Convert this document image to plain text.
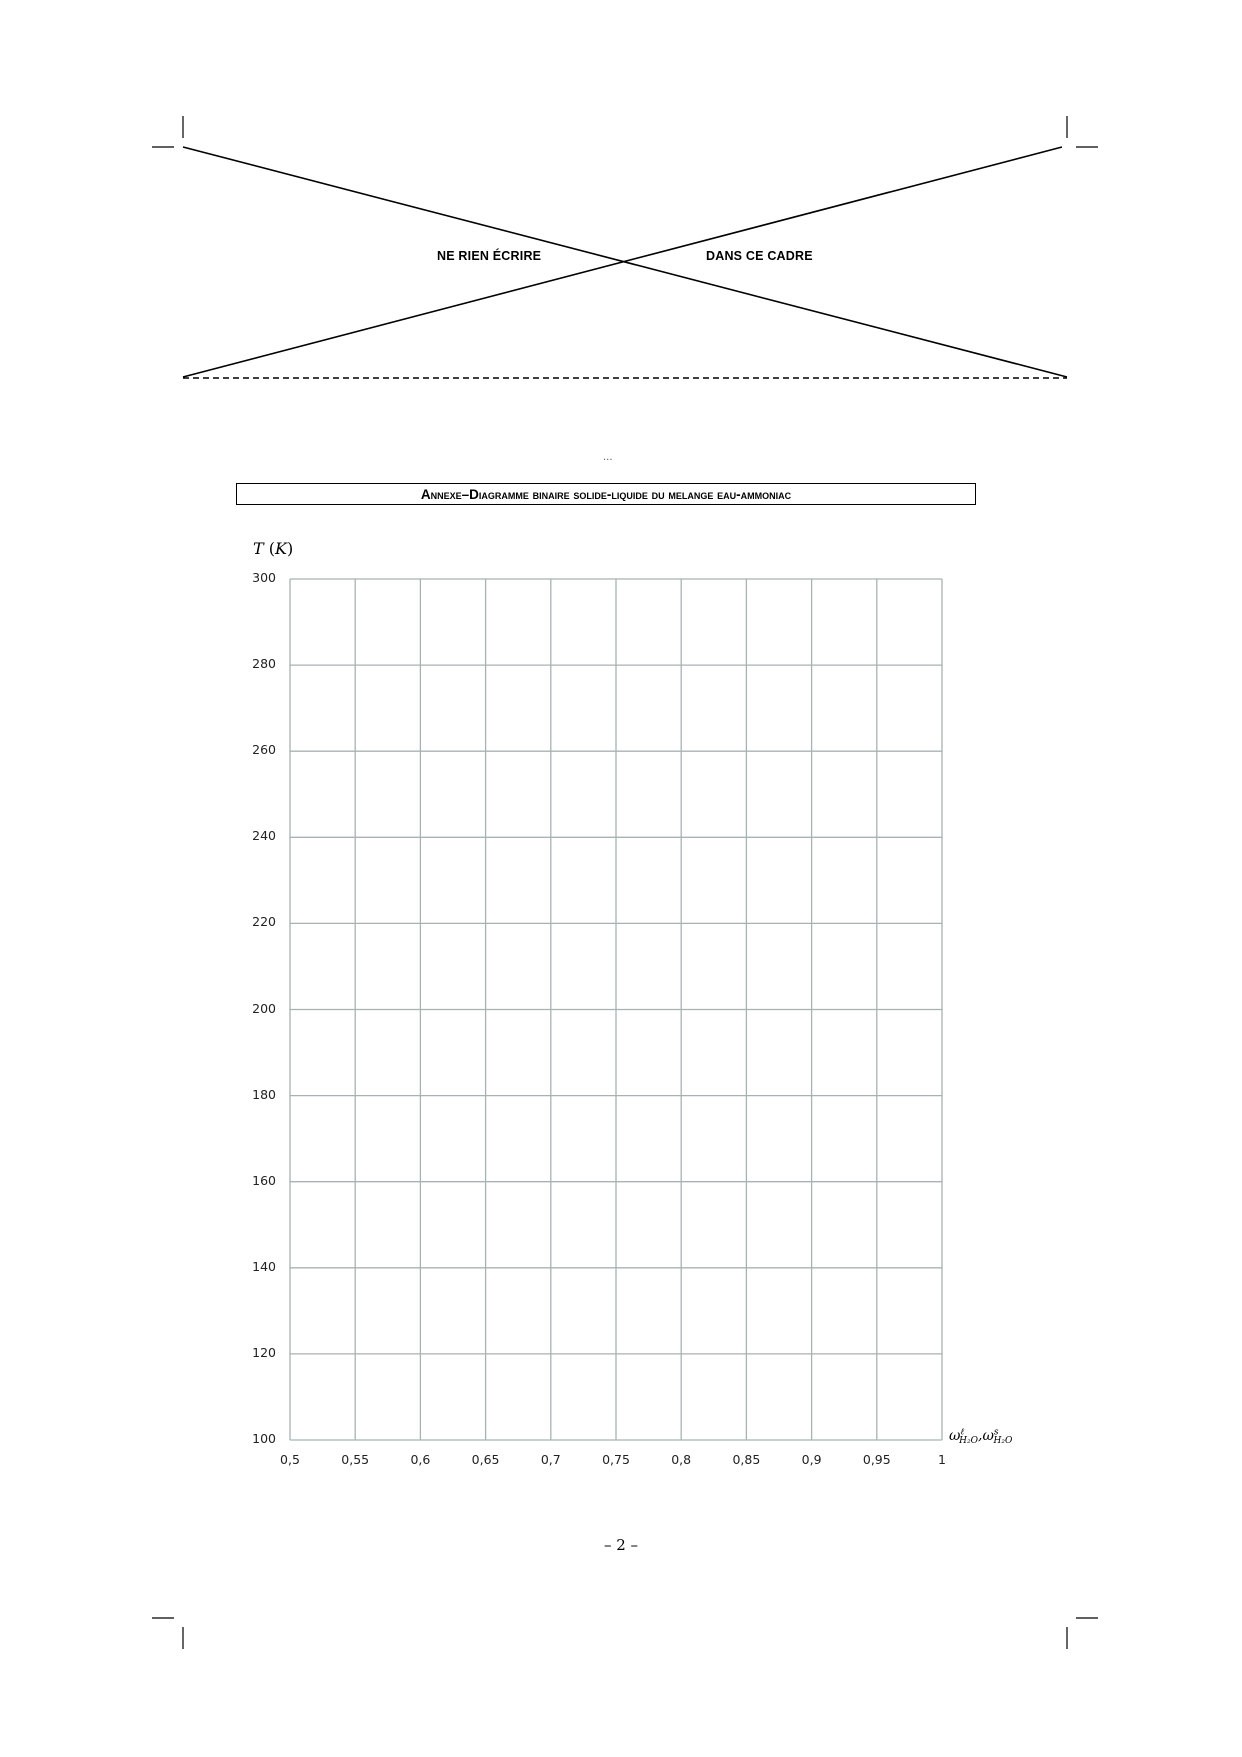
NE RIEN ÉCRIRE	DANS CE CADRE
...
Annexe – Diagramme binaire solide-liquide du melange eau-ammoniac
T (K)
300
280
260
240
220
200
180
160
140
120
100
0,5	0,55	0,6	0,65	0,7	0,75	0,8	0,85	0,9	0,95	1
$\omega^\ell_{H_2O},\omega^s_{H_2O}$
– 2 –
